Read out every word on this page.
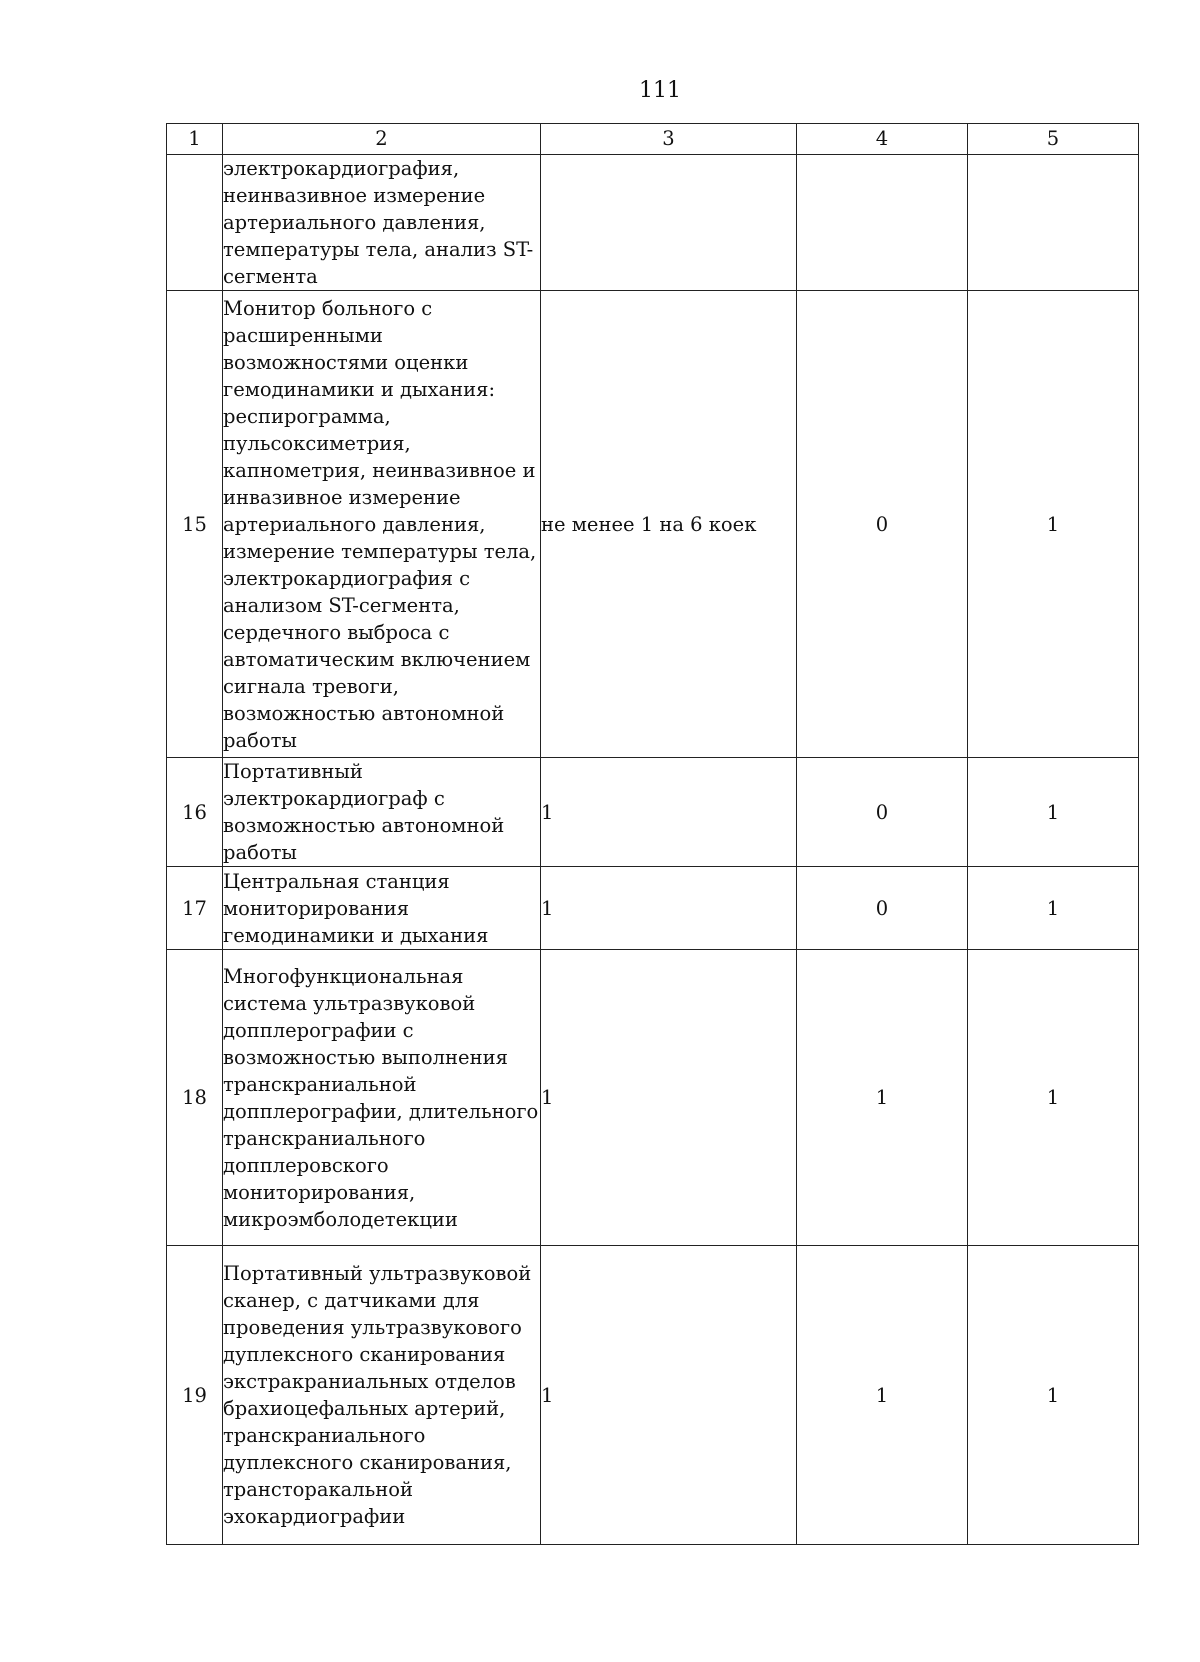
111
1	2	3	4	5
	электрокардиография, неинвазивное измерение артериального давления, температуры тела, анализ ST-сегмента			
15	Монитор больного с расширенными возможностями оценки гемодинамики и дыхания: респирограмма, пульсоксиметрия, капнометрия, неинвазивное и инвазивное измерение артериального давления, измерение температуры тела, электрокардиография с анализом ST-сегмента, сердечного выброса с автоматическим включением сигнала тревоги, возможностью автономной работы	не менее 1 на 6 коек	0	1
16	Портативный электрокардиограф с возможностью автономной работы	1	0	1
17	Центральная станция мониторирования гемодинамики и дыхания	1	0	1
18	Многофункциональная система ультразвуковой допплерографии с возможностью выполнения транскраниальной допплерографии, длительного транскраниального допплеровского мониторирования, микроэмболодетекции	1	1	1
19	Портативный ультразвуковой сканер, с датчиками для проведения ультразвукового дуплексного сканирования экстракраниальных отделов брахиоцефальных артерий, транскраниального дуплексного сканирования, трансторакальной эхокардиографии	1	1	1
